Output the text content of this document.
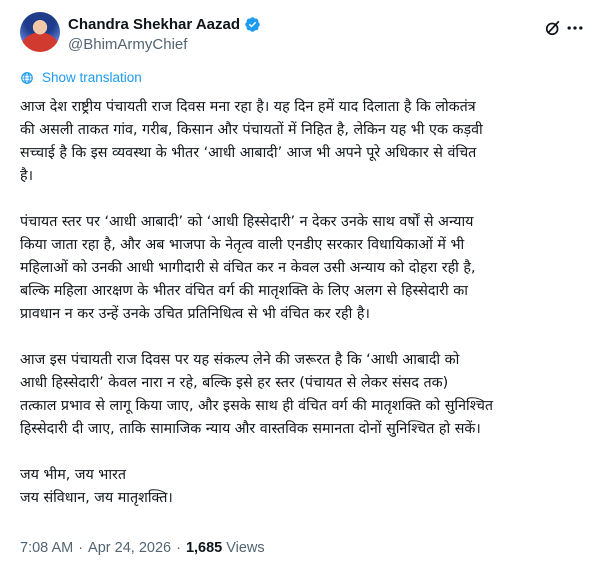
Chandra Shekhar Aazad
@BhimArmyChief
Show translation
आज देश राष्ट्रीय पंचायती राज दिवस मना रहा है। यह दिन हमें याद दिलाता है कि लोकतंत्र
की असली ताकत गांव, गरीब, किसान और पंचायतों में निहित है, लेकिन यह भी एक कड़वी
सच्चाई है कि इस व्यवस्था के भीतर ‘आधी आबादी’ आज भी अपने पूरे अधिकार से वंचित
है।
पंचायत स्तर पर ‘आधी आबादी’ को ‘आधी हिस्सेदारी’ न देकर उनके साथ वर्षों से अन्याय
किया जाता रहा है, और अब भाजपा के नेतृत्व वाली एनडीए सरकार विधायिकाओं में भी
महिलाओं को उनकी आधी भागीदारी से वंचित कर न केवल उसी अन्याय को दोहरा रही है,
बल्कि महिला आरक्षण के भीतर वंचित वर्ग की मातृशक्ति के लिए अलग से हिस्सेदारी का
प्रावधान न कर उन्हें उनके उचित प्रतिनिधित्व से भी वंचित कर रही है।
आज इस पंचायती राज दिवस पर यह संकल्प लेने की जरूरत है कि ‘आधी आबादी को
आधी हिस्सेदारी’ केवल नारा न रहे, बल्कि इसे हर स्तर (पंचायत से लेकर संसद तक)
तत्काल प्रभाव से लागू किया जाए, और इसके साथ ही वंचित वर्ग की मातृशक्ति को सुनिश्चित
हिस्सेदारी दी जाए, ताकि सामाजिक न्याय और वास्तविक समानता दोनों सुनिश्चित हो सकें।
जय भीम, जय भारत
जय संविधान, जय मातृशक्ति।
7:08 AM · Apr 24, 2026 · 1,685 Views
